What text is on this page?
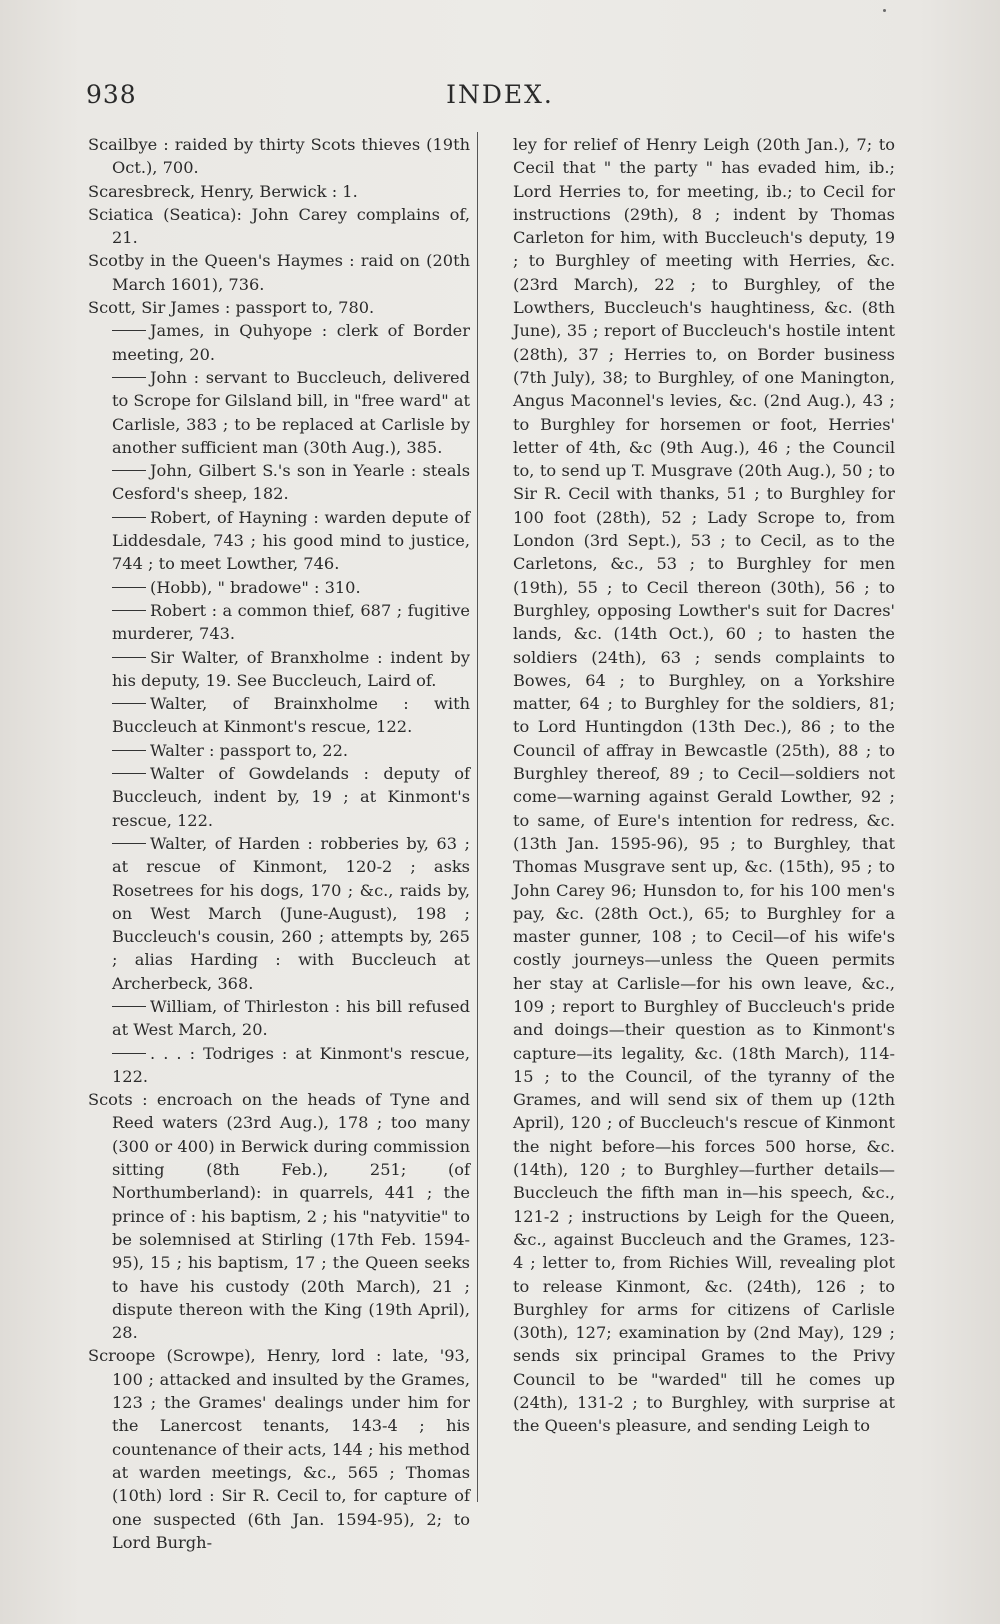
938	INDEX.

Scailbye : raided by thirty Scots thieves (19th Oct.), 700.

Scaresbreck, Henry, Berwick : 1.

Sciatica (Seatica): John Carey complains of, 21.

Scotby in the Queen's Haymes : raid on (20th March 1601), 736.

Scott, Sir James : passport to, 780.

James, in Quhyope : clerk of Border meeting, 20.

John : servant to Buccleuch, delivered to Scrope for Gilsland bill, in "free ward" at Carlisle, 383 ; to be replaced at Carlisle by another sufficient man (30th Aug.), 385.

John, Gilbert S.'s son in Yearle : steals Cesford's sheep, 182.

Robert, of Hayning : warden depute of Liddesdale, 743 ; his good mind to justice, 744 ; to meet Lowther, 746.

(Hobb), " bradowe" : 310.

Robert : a common thief, 687 ; fugitive murderer, 743.

Sir Walter, of Branxholme : indent by his deputy, 19. See Buccleuch, Laird of.

Walter, of Brainxholme : with Buccleuch at Kinmont's rescue, 122.

Walter : passport to, 22.

Walter of Gowdelands : deputy of Buccleuch, indent by, 19 ; at Kinmont's rescue, 122.

Walter, of Harden : robberies by, 63 ; at rescue of Kinmont, 120-2 ; asks Rosetrees for his dogs, 170 ; &c., raids by, on West March (June-August), 198 ; Buccleuch's cousin, 260 ; attempts by, 265 ; alias Harding : with Buccleuch at Archerbeck, 368.

William, of Thirleston : his bill refused at West March, 20.

. . . : Todriges : at Kinmont's rescue, 122.

Scots : encroach on the heads of Tyne and Reed waters (23rd Aug.), 178 ; too many (300 or 400) in Berwick during commission sitting (8th Feb.), 251; (of Northumberland): in quarrels, 441 ; the prince of : his baptism, 2 ; his "natyvitie" to be solemnised at Stirling (17th Feb. 1594-95), 15 ; his baptism, 17 ; the Queen seeks to have his custody (20th March), 21 ; dispute thereon with the King (19th April), 28.

Scroope (Scrowpe), Henry, lord : late, '93, 100 ; attacked and insulted by the Grames, 123 ; the Grames' dealings under him for the Lanercost tenants, 143-4 ; his countenance of their acts, 144 ; his method at warden meetings, &c., 565 ; Thomas (10th) lord : Sir R. Cecil to, for capture of one suspected (6th Jan. 1594-95), 2; to Lord Burgh-

ley for relief of Henry Leigh (20th Jan.), 7; to Cecil that " the party " has evaded him, ib.; Lord Herries to, for meeting, ib.; to Cecil for instructions (29th), 8 ; indent by Thomas Carleton for him, with Buccleuch's deputy, 19 ; to Burghley of meeting with Herries, &c. (23rd March), 22 ; to Burghley, of the Lowthers, Buccleuch's haughtiness, &c. (8th June), 35 ; report of Buccleuch's hostile intent (28th), 37 ; Herries to, on Border business (7th July), 38; to Burghley, of one Manington, Angus Maconnel's levies, &c. (2nd Aug.), 43 ; to Burghley for horsemen or foot, Herries' letter of 4th, &c (9th Aug.), 46 ; the Council to, to send up T. Musgrave (20th Aug.), 50 ; to Sir R. Cecil with thanks, 51 ; to Burghley for 100 foot (28th), 52 ; Lady Scrope to, from London (3rd Sept.), 53 ; to Cecil, as to the Carletons, &c., 53 ; to Burghley for men (19th), 55 ; to Cecil thereon (30th), 56 ; to Burghley, opposing Lowther's suit for Dacres' lands, &c. (14th Oct.), 60 ; to hasten the soldiers (24th), 63 ; sends complaints to Bowes, 64 ; to Burghley, on a Yorkshire matter, 64 ; to Burghley for the soldiers, 81; to Lord Huntingdon (13th Dec.), 86 ; to the Council of affray in Bewcastle (25th), 88 ; to Burghley thereof, 89 ; to Cecil—soldiers not come—warning against Gerald Lowther, 92 ; to same, of Eure's intention for redress, &c. (13th Jan. 1595-96), 95 ; to Burghley, that Thomas Musgrave sent up, &c. (15th), 95 ; to John Carey 96; Hunsdon to, for his 100 men's pay, &c. (28th Oct.), 65; to Burghley for a master gunner, 108 ; to Cecil—of his wife's costly journeys—unless the Queen permits her stay at Carlisle—for his own leave, &c., 109 ; report to Burghley of Buccleuch's pride and doings—their question as to Kinmont's capture—its legality, &c. (18th March), 114-15 ; to the Council, of the tyranny of the Grames, and will send six of them up (12th April), 120 ; of Buccleuch's rescue of Kinmont the night before—his forces 500 horse, &c. (14th), 120 ; to Burghley—further details—Buccleuch the fifth man in—his speech, &c., 121-2 ; instructions by Leigh for the Queen, &c., against Buccleuch and the Grames, 123-4 ; letter to, from Richies Will, revealing plot to release Kinmont, &c. (24th), 126 ; to Burghley for arms for citizens of Carlisle (30th), 127; examination by (2nd May), 129 ; sends six principal Grames to the Privy Council to be "warded" till he comes up (24th), 131-2 ; to Burghley, with surprise at the Queen's pleasure, and sending Leigh to
